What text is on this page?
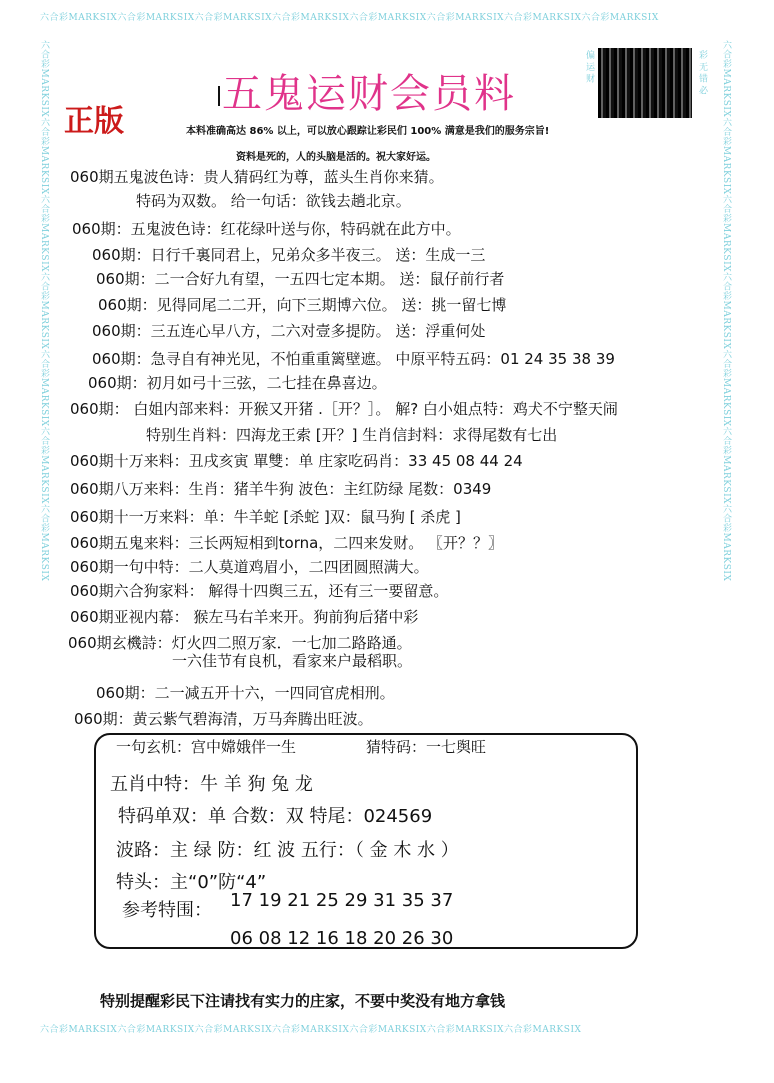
六合彩MARKSIX六合彩MARKSIX六合彩MARKSIX六合彩MARKSIX六合彩MARKSIX六合彩MARKSIX六合彩MARKSIX六合彩MARKSIX
六合彩MARKSIX六合彩MARKSIX六合彩MARKSIX六合彩MARKSIX六合彩MARKSIX六合彩MARKSIX六合彩MARKSIX
六合彩MARKSIX六合彩MARKSIX六合彩MARKSIX六合彩MARKSIX六合彩MARKSIX六合彩MARKSIX六合彩MARKSIX	六合彩MARKSIX六合彩MARKSIX六合彩MARKSIX六合彩MARKSIX六合彩MARKSIX六合彩MARKSIX六合彩MARKSIX
五鬼运财会员料
正版
偏 运 财	彩 无 错 必
本料准确高达 86% 以上，可以放心跟踪让彩民们 100% 满意是我们的服务宗旨!
资料是死的，人的头脑是活的。祝大家好运。
060期五鬼波色诗：贵人猜码红为尊，蓝头生肖你来猜。
特码为双数。 给一句话：欲钱去趟北京。
060期：五鬼波色诗：红花绿叶送与你，特码就在此方中。
060期：日行千裏同君上，兄弟众多半夜三。 送：生成一三
060期：二一合好九有望，一五四七定本期。 送：鼠仔前行者
060期：见得同尾二二开，向下三期博六位。 送：挑一留七博
060期：三五连心早八方，二六对壹多提防。 送：浮重何处
060期：急寻自有神光见，不怕重重篱壁遮。 中原平特五码：01 24 35 38 39
060期：初月如弓十三弦，二七挂在鼻喜边。
060期： 白姐内部来料：开猴又开猪 .［开？］。 解? 白小姐点特：鸡犬不宁整天闹
特别生肖料：四海龙王索 [开？] 生肖信封料：求得尾数有七出
060期十万来料：丑戌亥寅 單雙：单 庄家吃码肖：33 45 08 44 24
060期八万来料：生肖：猪羊牛狗 波色：主红防绿 尾数：0349
060期十一万来料：单：牛羊蛇 [杀蛇 ]双：鼠马狗 [ 杀虎 ]
060期五鬼来料：三长两短相到torna，二四来发财。 〖开？？〗
060期一句中特：二人莫道鸡眉小，二四团圆照满大。
060期六合狗家料： 解得十四舆三五，还有三一要留意。
060期亚视内幕： 猴左马右羊来开。狗前狗后猪中彩
060期玄機詩：灯火四二照万家．一七加二路路通。
一六佳节有良机，看家来户最稻职。
060期：二一减五开十六，一四同官虎相刑。
060期：黄云紫气碧海清，万马奔腾出旺波。
一句玄机：宫中嫦娥伴一生	猜特码：一七舆旺
五肖中特：牛 羊 狗 兔 龙
特码单双：单 合数：双 特尾：024569
波路：主 绿 防：红 波 五行：（ 金 木 水 ）
特头：主“0”防“4”
参考特围： 17 19 21 25 29 31 35 37
06 08 12 16 18 20 26 30
特别提醒彩民下注请找有实力的庄家，不要中奖没有地方拿钱
